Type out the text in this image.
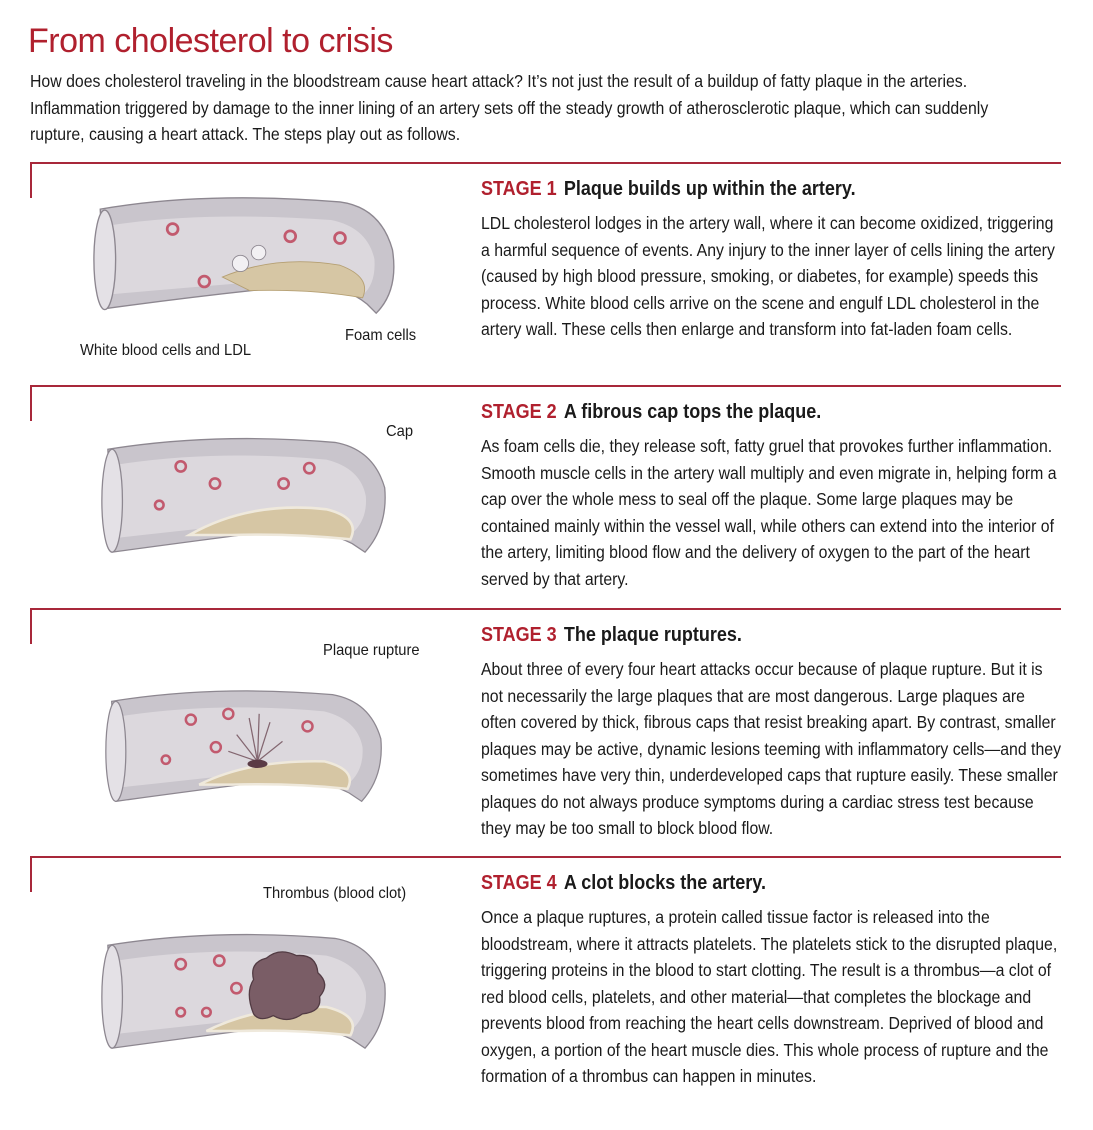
From cholesterol to crisis

How does cholesterol traveling in the bloodstream cause heart attack? It’s not just the result of a buildup of fatty plaque in the arteries. Inflammation triggered by damage to the inner lining of an artery sets off the steady growth of atherosclerotic plaque, which can suddenly rupture, causing a heart attack. The steps play out as follows.

White blood cells and LDL
Foam cells
STAGE 1 Plaque builds up within the artery.

LDL cholesterol lodges in the artery wall, where it can become oxidized, triggering a harmful sequence of events. Any injury to the inner layer of cells lining the artery (caused by high blood pressure, smoking, or diabetes, for example) speeds this process. White blood cells arrive on the scene and engulf LDL cholesterol in the artery wall. These cells then enlarge and transform into fat-laden foam cells.

Cap
STAGE 2 A fibrous cap tops the plaque.

As foam cells die, they release soft, fatty gruel that provokes further inflammation. Smooth muscle cells in the artery wall multiply and even migrate in, helping form a cap over the whole mess to seal off the plaque. Some large plaques may be contained mainly within the vessel wall, while others can extend into the interior of the artery, limiting blood flow and the delivery of oxygen to the part of the heart served by that artery.

Plaque rupture
STAGE 3 The plaque ruptures.

About three of every four heart attacks occur because of plaque rupture. But it is not necessarily the large plaques that are most dangerous. Large plaques are often covered by thick, fibrous caps that resist breaking apart. By contrast, smaller plaques may be active, dynamic lesions teeming with inflammatory cells—and they sometimes have very thin, underdeveloped caps that rupture easily. These smaller plaques do not always produce symptoms during a cardiac stress test because they may be too small to block blood flow.

Thrombus (blood clot)	STAGE 4 A clot blocks the artery.

Once a plaque ruptures, a protein called tissue factor is released into the bloodstream, where it attracts platelets. The platelets stick to the disrupted plaque, triggering proteins in the blood to start clotting. The result is a thrombus—a clot of red blood cells, platelets, and other material—that completes the blockage and prevents blood from reaching the heart cells downstream. Deprived of blood and oxygen, a portion of the heart muscle dies. This whole process of rupture and the formation of a thrombus can happen in minutes.
